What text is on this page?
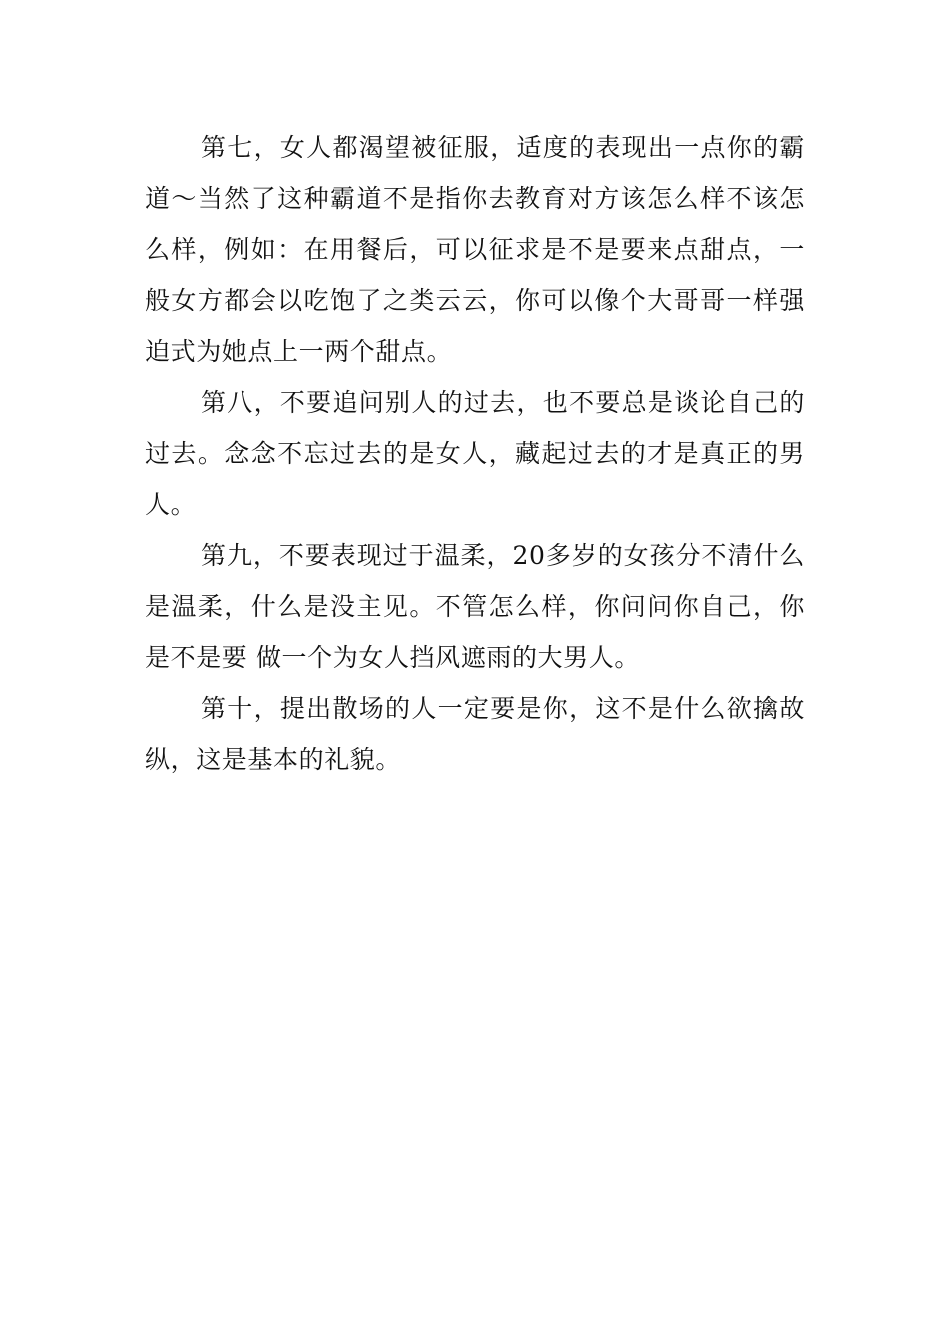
第七，女人都渴望被征服，适度的表现出一点你的霸道～当然了这种霸道不是指你去教育对方该怎么样不该怎么样，例如：在用餐后，可以征求是不是要来点甜点，一般女方都会以吃饱了之类云云，你可以像个大哥哥一样强迫式为她点上一两个甜点。

第八，不要追问别人的过去，也不要总是谈论自己的过去。念念不忘过去的是女人，藏起过去的才是真正的男人。

第九，不要表现过于温柔，20多岁的女孩分不清什么是温柔，什么是没主见。不管怎么样，你问问你自己，你是不是要 做一个为女人挡风遮雨的大男人。

第十，提出散场的人一定要是你，这不是什么欲擒故纵，这是基本的礼貌。
